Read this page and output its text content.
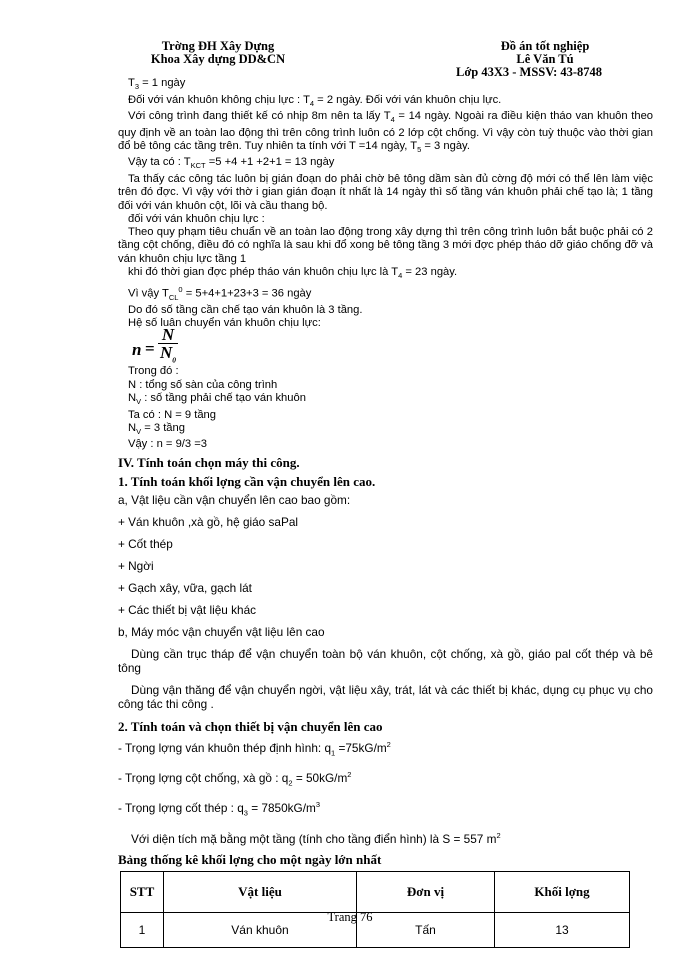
Trờng ĐH Xây Dựng
Khoa Xây dựng DD&CN
Đồ án tốt nghiệp
Lê Văn Tú
Lớp 43X3 - MSSV: 43-8748

$T_3 = 1$ ngày

Đối với ván khuôn không chịu lực : $T_4 = 2$ ngày. Đối với ván khuôn chịu lực.

Với công trình đang thiết kế có nhịp 8m nên ta lấy $T_4 = 14$ ngày. Ngoài ra điều kiện tháo van khuôn theo quy định về an toàn lao động thì trên công trình luôn có 2 lớp cột chống. Vì vậy còn tuỳ thuộc vào thời gian đổ bê tông các tầng trên. Tuy nhiên ta tính với T =14 ngày, $T_5 = 3$ ngày.

Vậy ta có : $T_{KCT} =5 +4 +1 +2+1 = 13$ ngày

Ta thấy các công tác luôn bị gián đoạn do phải chờ bê tông dầm sàn đủ cờng độ mới có thể lên làm việc trên đó đợc. Vì vậy với thờ i gian gián đoạn ít nhất là 14 ngày thì số tầng ván khuôn phải chế tạo là; 1 tầng đối với ván khuôn cột, lõi và cầu thang bộ.

đối với ván khuôn chịu lực :

Theo quy phạm tiêu chuẩn về an toàn lao động trong xây dựng thì trên công trình luôn bắt buộc phải có 2 tầng cột chống, điều đó có nghĩa là sau khi đổ xong bê tông tầng 3 mới đợc phép tháo dỡ giáo chống đỡ và ván khuôn chịu lực tầng 1

khi đó thời gian đợc phép tháo ván khuôn chịu lực là $T_4 = 23$ ngày.

Vì vậy $T_{CL}^0 = 5+4+1+23+3 = 36$ ngày

Do đó số tầng cần chế tạo ván khuôn là 3 tầng.

Hệ số luân chuyển ván khuôn chịu lực:

n =
N
$N_0$

Trong đó :

N : tổng số sàn của công trình

$N_V$ : số tầng phải chế tạo ván khuôn

Ta có : N = 9 tầng

$N_V = 3$ tầng

Vậy : n = 9/3 =3

IV. Tính toán chọn máy thi công.
1. Tính toán khối lợng cần vận chuyển lên cao.

a, Vật liệu cần vận chuyển lên cao bao gồm:

+ Ván khuôn ,xà gồ, hệ giáo saPal

+ Cốt thép

+ Ngời

+ Gạch xây, vữa, gạch lát

+ Các thiết bị vật liệu khác

b, Máy móc vận chuyển vật liệu lên cao

Dùng cần trục tháp để vận chuyển toàn bộ ván khuôn, cột chống, xà gồ, giáo pal cốt thép và bê tông

Dùng vận thăng để vận chuyển ngời, vật liệu xây, trát, lát và các thiết bị khác, dụng cụ phục vụ cho công tác thi công .

2. Tính toán và chọn thiết bị vận chuyển lên cao

- Trọng lợng ván khuôn thép định hình: $q_1 =75kG/m^2$

- Trọng lợng cột chống, xà gồ : $q_2 = 50kG/m^2$

- Trọng lợng cốt thép : $q_3 = 7850kG/m^3$

Với diện tích mặ bằng một tầng (tính cho tầng điển hình) là S = 557 $m^2$

Bảng thống kê khối lợng cho một ngày lớn nhất
STT	Vật liệu	Đơn vị	Khối lợng
1	Ván khuôn	Tấn	13
Trang 76
